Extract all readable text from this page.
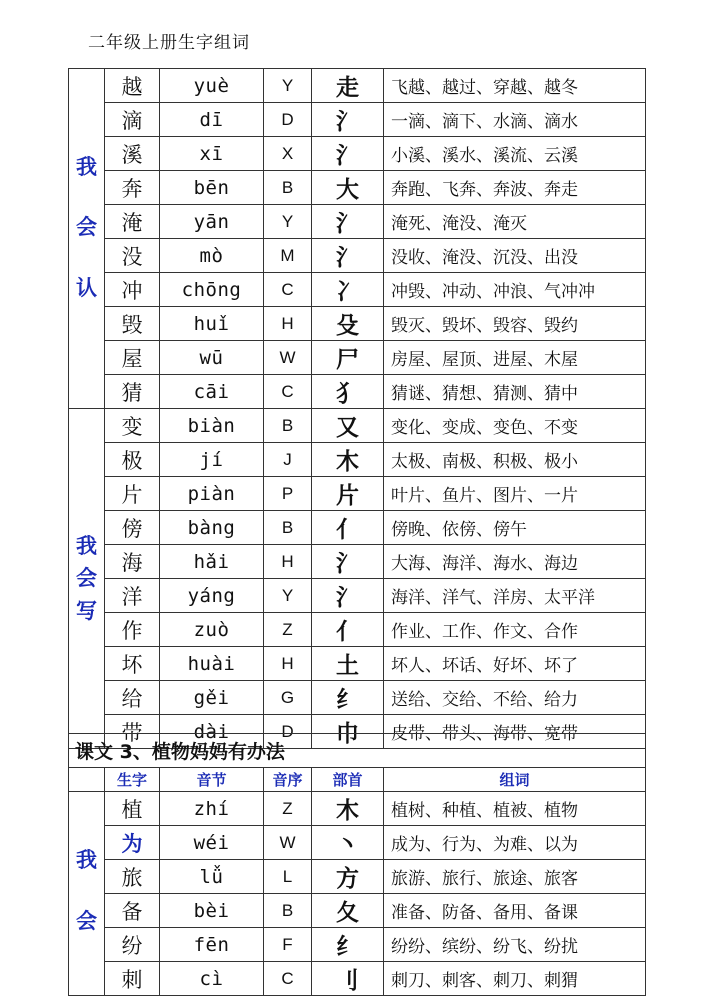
二年级上册生字组词
我
会
认	越	yuè	Y	走	飞越、越过、穿越、越冬
	滴	dī	D	氵	一滴、滴下、水滴、滴水
	溪	xī	X	氵	小溪、溪水、溪流、云溪
	奔	bēn	B	大	奔跑、飞奔、奔波、奔走
	淹	yān	Y	氵	淹死、淹没、淹灭
	没	mò	M	氵	没收、淹没、沉没、出没
	冲	chōng	C	冫	冲毁、冲动、冲浪、气冲冲
	毁	huǐ	H	殳	毁灭、毁坏、毁容、毁约
	屋	wū	W	尸	房屋、屋顶、进屋、木屋
	猜	cāi	C	犭	猜谜、猜想、猜测、猜中

我
会
写	变	biàn	B	又	变化、变成、变色、不变
	极	jí	J	木	太极、南极、积极、极小
	片	piàn	P	片	叶片、鱼片、图片、一片
	傍	bàng	B	亻	傍晚、依傍、傍午
	海	hǎi	H	氵	大海、海洋、海水、海边
	洋	yáng	Y	氵	海洋、洋气、洋房、太平洋
	作	zuò	Z	亻	作业、工作、作文、合作
	坏	huài	H	土	坏人、坏话、好坏、坏了
	给	gěi	G	纟	送给、交给、不给、给力
	带	dài	D	巾	皮带、带头、海带、宽带
课文 3、植物妈妈有办法					
	生字	音节	音序	部首	组词

我
会	植	zhí	Z	木	植树、种植、植被、植物
	为	wéi	W	丶	成为、行为、为难、以为
	旅	lǚ	L	方	旅游、旅行、旅途、旅客
	备	bèi	B	夂	准备、防备、备用、备课
	纷	fēn	F	纟	纷纷、缤纷、纷飞、纷扰
	刺	cì	C	刂	刺刀、刺客、刺刀、刺猬
